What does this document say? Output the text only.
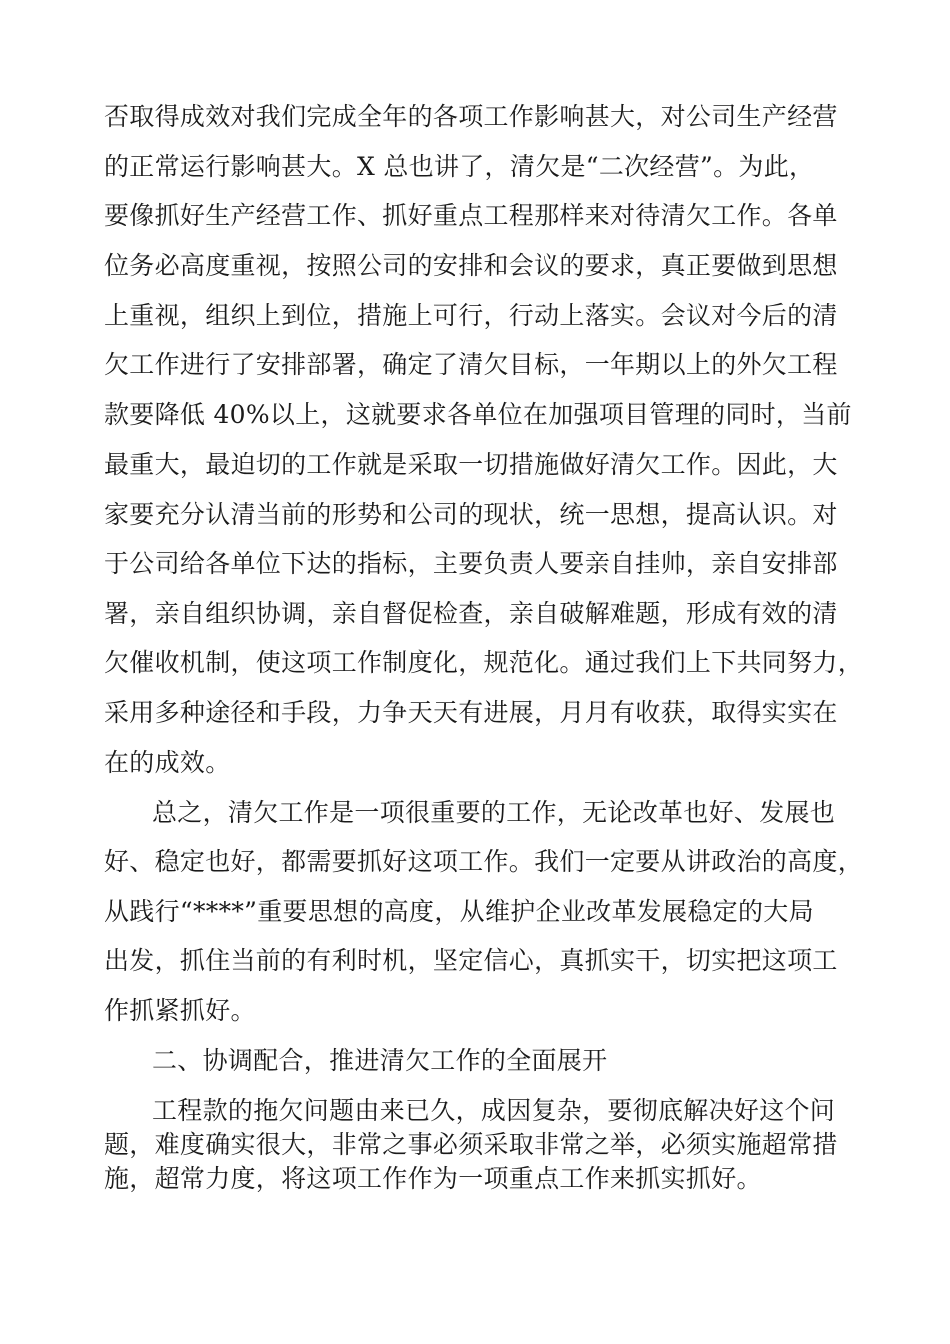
否取得成效对我们完成全年的各项工作影响甚大，对公司生产经营
的正常运行影响甚大。X 总也讲了，清欠是“二次经营”。为此，
要像抓好生产经营工作、抓好重点工程那样来对待清欠工作。各单
位务必高度重视，按照公司的安排和会议的要求，真正要做到思想
上重视，组织上到位，措施上可行，行动上落实。会议对今后的清
欠工作进行了安排部署，确定了清欠目标，一年期以上的外欠工程
款要降低 40%以上，这就要求各单位在加强项目管理的同时，当前
最重大，最迫切的工作就是采取一切措施做好清欠工作。因此，大
家要充分认清当前的形势和公司的现状，统一思想，提高认识。对
于公司给各单位下达的指标，主要负责人要亲自挂帅，亲自安排部
署，亲自组织协调，亲自督促检查，亲自破解难题，形成有效的清
欠催收机制，使这项工作制度化，规范化。通过我们上下共同努力，
采用多种途径和手段，力争天天有进展，月月有收获，取得实实在
在的成效。
总之，清欠工作是一项很重要的工作，无论改革也好、发展也
好、稳定也好，都需要抓好这项工作。我们一定要从讲政治的高度，
从践行“****”重要思想的高度，从维护企业改革发展稳定的大局
出发，抓住当前的有利时机，坚定信心，真抓实干，切实把这项工
作抓紧抓好。
二、协调配合，推进清欠工作的全面展开
工程款的拖欠问题由来已久，成因复杂，要彻底解决好这个问
题，难度确实很大，非常之事必须采取非常之举，必须实施超常措
施，超常力度，将这项工作作为一项重点工作来抓实抓好。
